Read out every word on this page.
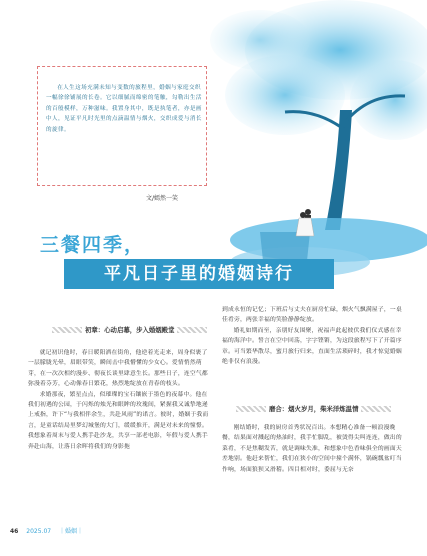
在人生这场充满未知与变数的旅程里，婚姻与家庭交织一幅徐徐铺展的长卷。它以细腻而绵密的笔触，勾勒出生活的百般模样，万种滋味。我置身其中，既是执笔者，亦是画中人，见证平凡时光里的点滴温情与烟火，交织成爱与消长的旋律。

文/嫣然一笑
三餐四季，
平凡日子里的婚姻诗行
初章：心动启幕，步入婚姻殿堂

就记初识他时，春日暖阳洒在街角，他逆着光走来，周身似裹了一层朦胧光晕，眉眼带笑，瞬间击中我懵懂的少女心。爱情悄然萌芽，在一次次相约漫步、彻夜长谈里肆意生长。那些日子，连空气都弥漫着芬芳，心动像春日繁花，热烈地绽放在青春的枝头。

求婚那夜，繁星点点，似璀璨的宝石镶嵌于墨色的夜幕中。他在我们初遇的公园，于闪烁的烛光和眼眸的玫瑰间，紧握我又诚挚地递上戒指，许下“与我相伴余生，共赴风雨”的诺言。彼时，婚姻于我而言，是童话结局里梦幻城堡的大门，缓缓推开，满是对未来的憧憬。我想象着周末与爱人携手赴沙龙，共享一部老电影，年假与爱人携手奔赴山海，让落日余晖将我们的身影拖

到成永恒的记忆；下班后与丈夫在厨房忙碌，烟火气飘满屋子，一桌佳肴旁，两张幸福的笑脸静静绽放。

婚礼如期而至，亲朋好友围聚，祝福声此起彼伏我们仪式感在幸福的海洋中。誓言在空中回荡，字字铿锵，为这段旅程写下了开篇序章。可当繁华散尽，蜜月旅行归来，直面生活琐碎时，我才惊觉婚姻绝非仅有浪漫。

磨合：烟火岁月，柴米洋炼温情

刚结婚时，我的厨房首秀状况百出。本想精心准备一顿浪漫晚餐，结果面对溅起的热油时，我手忙脚乱，被烫得尖叫连连，做出的菜肴，不是焦糊发苦，就是调味失准，和想象中色香味俱全的画面天差地别。他赶来帮忙，我们在狭小的空间中撞个满怀，锅碗瓢盆叮当作响，场面狼狈又滑稽。四目相对时，委屈与无奈

46 2025.07 ｜婚姻｜
